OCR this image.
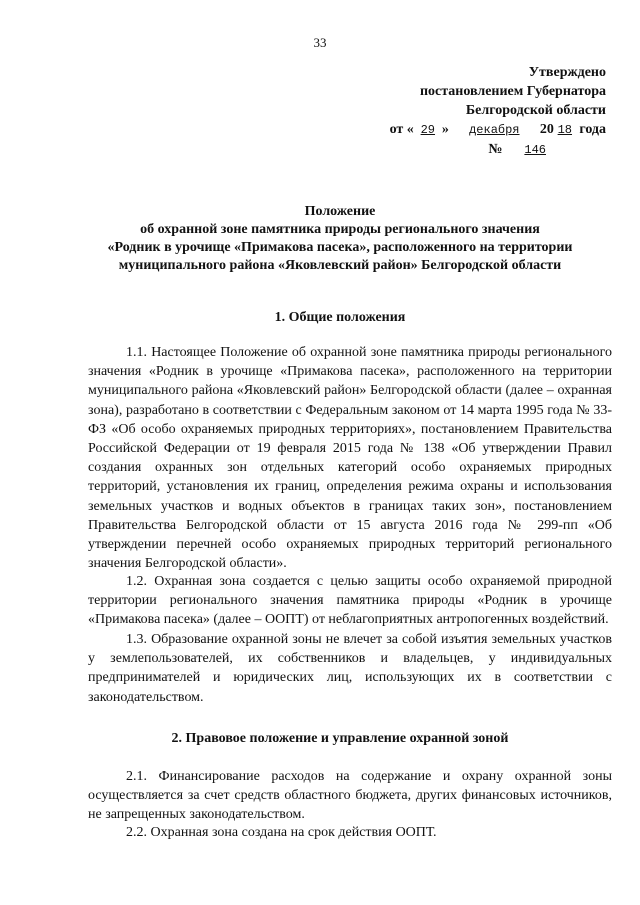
33
Утверждено
постановлением Губернатора
Белгородской области
от « 29 » декабря 20 18 года
№ 146
Положение
об охранной зоне памятника природы регионального значения
«Родник в урочище «Примакова пасека», расположенного на территории
муниципального района «Яковлевский район» Белгородской области
1. Общие положения
1.1. Настоящее Положение об охранной зоне памятника природы регионального значения «Родник в урочище «Примакова пасека», расположенного на территории муниципального района «Яковлевский район» Белгородской области (далее – охранная зона), разработано в соответствии с Федеральным законом от 14 марта 1995 года № 33-ФЗ «Об особо охраняемых природных территориях», постановлением Правительства Российской Федерации от 19 февраля 2015 года № 138 «Об утверждении Правил создания охранных зон отдельных категорий особо охраняемых природных территорий, установления их границ, определения режима охраны и использования земельных участков и водных объектов в границах таких зон», постановлением Правительства Белгородской области от 15 августа 2016 года № 299-пп «Об утверждении перечней особо охраняемых природных территорий регионального значения Белгородской области».
1.2. Охранная зона создается с целью защиты особо охраняемой природной территории регионального значения памятника природы «Родник в урочище «Примакова пасека» (далее – ООПТ) от неблагоприятных антропогенных воздействий.
1.3. Образование охранной зоны не влечет за собой изъятия земельных участков у землепользователей, их собственников и владельцев, у индивидуальных предпринимателей и юридических лиц, использующих их в соответствии с законодательством.
2. Правовое положение и управление охранной зоной
2.1. Финансирование расходов на содержание и охрану охранной зоны осуществляется за счет средств областного бюджета, других финансовых источников, не запрещенных законодательством.
2.2. Охранная зона создана на срок действия ООПТ.
